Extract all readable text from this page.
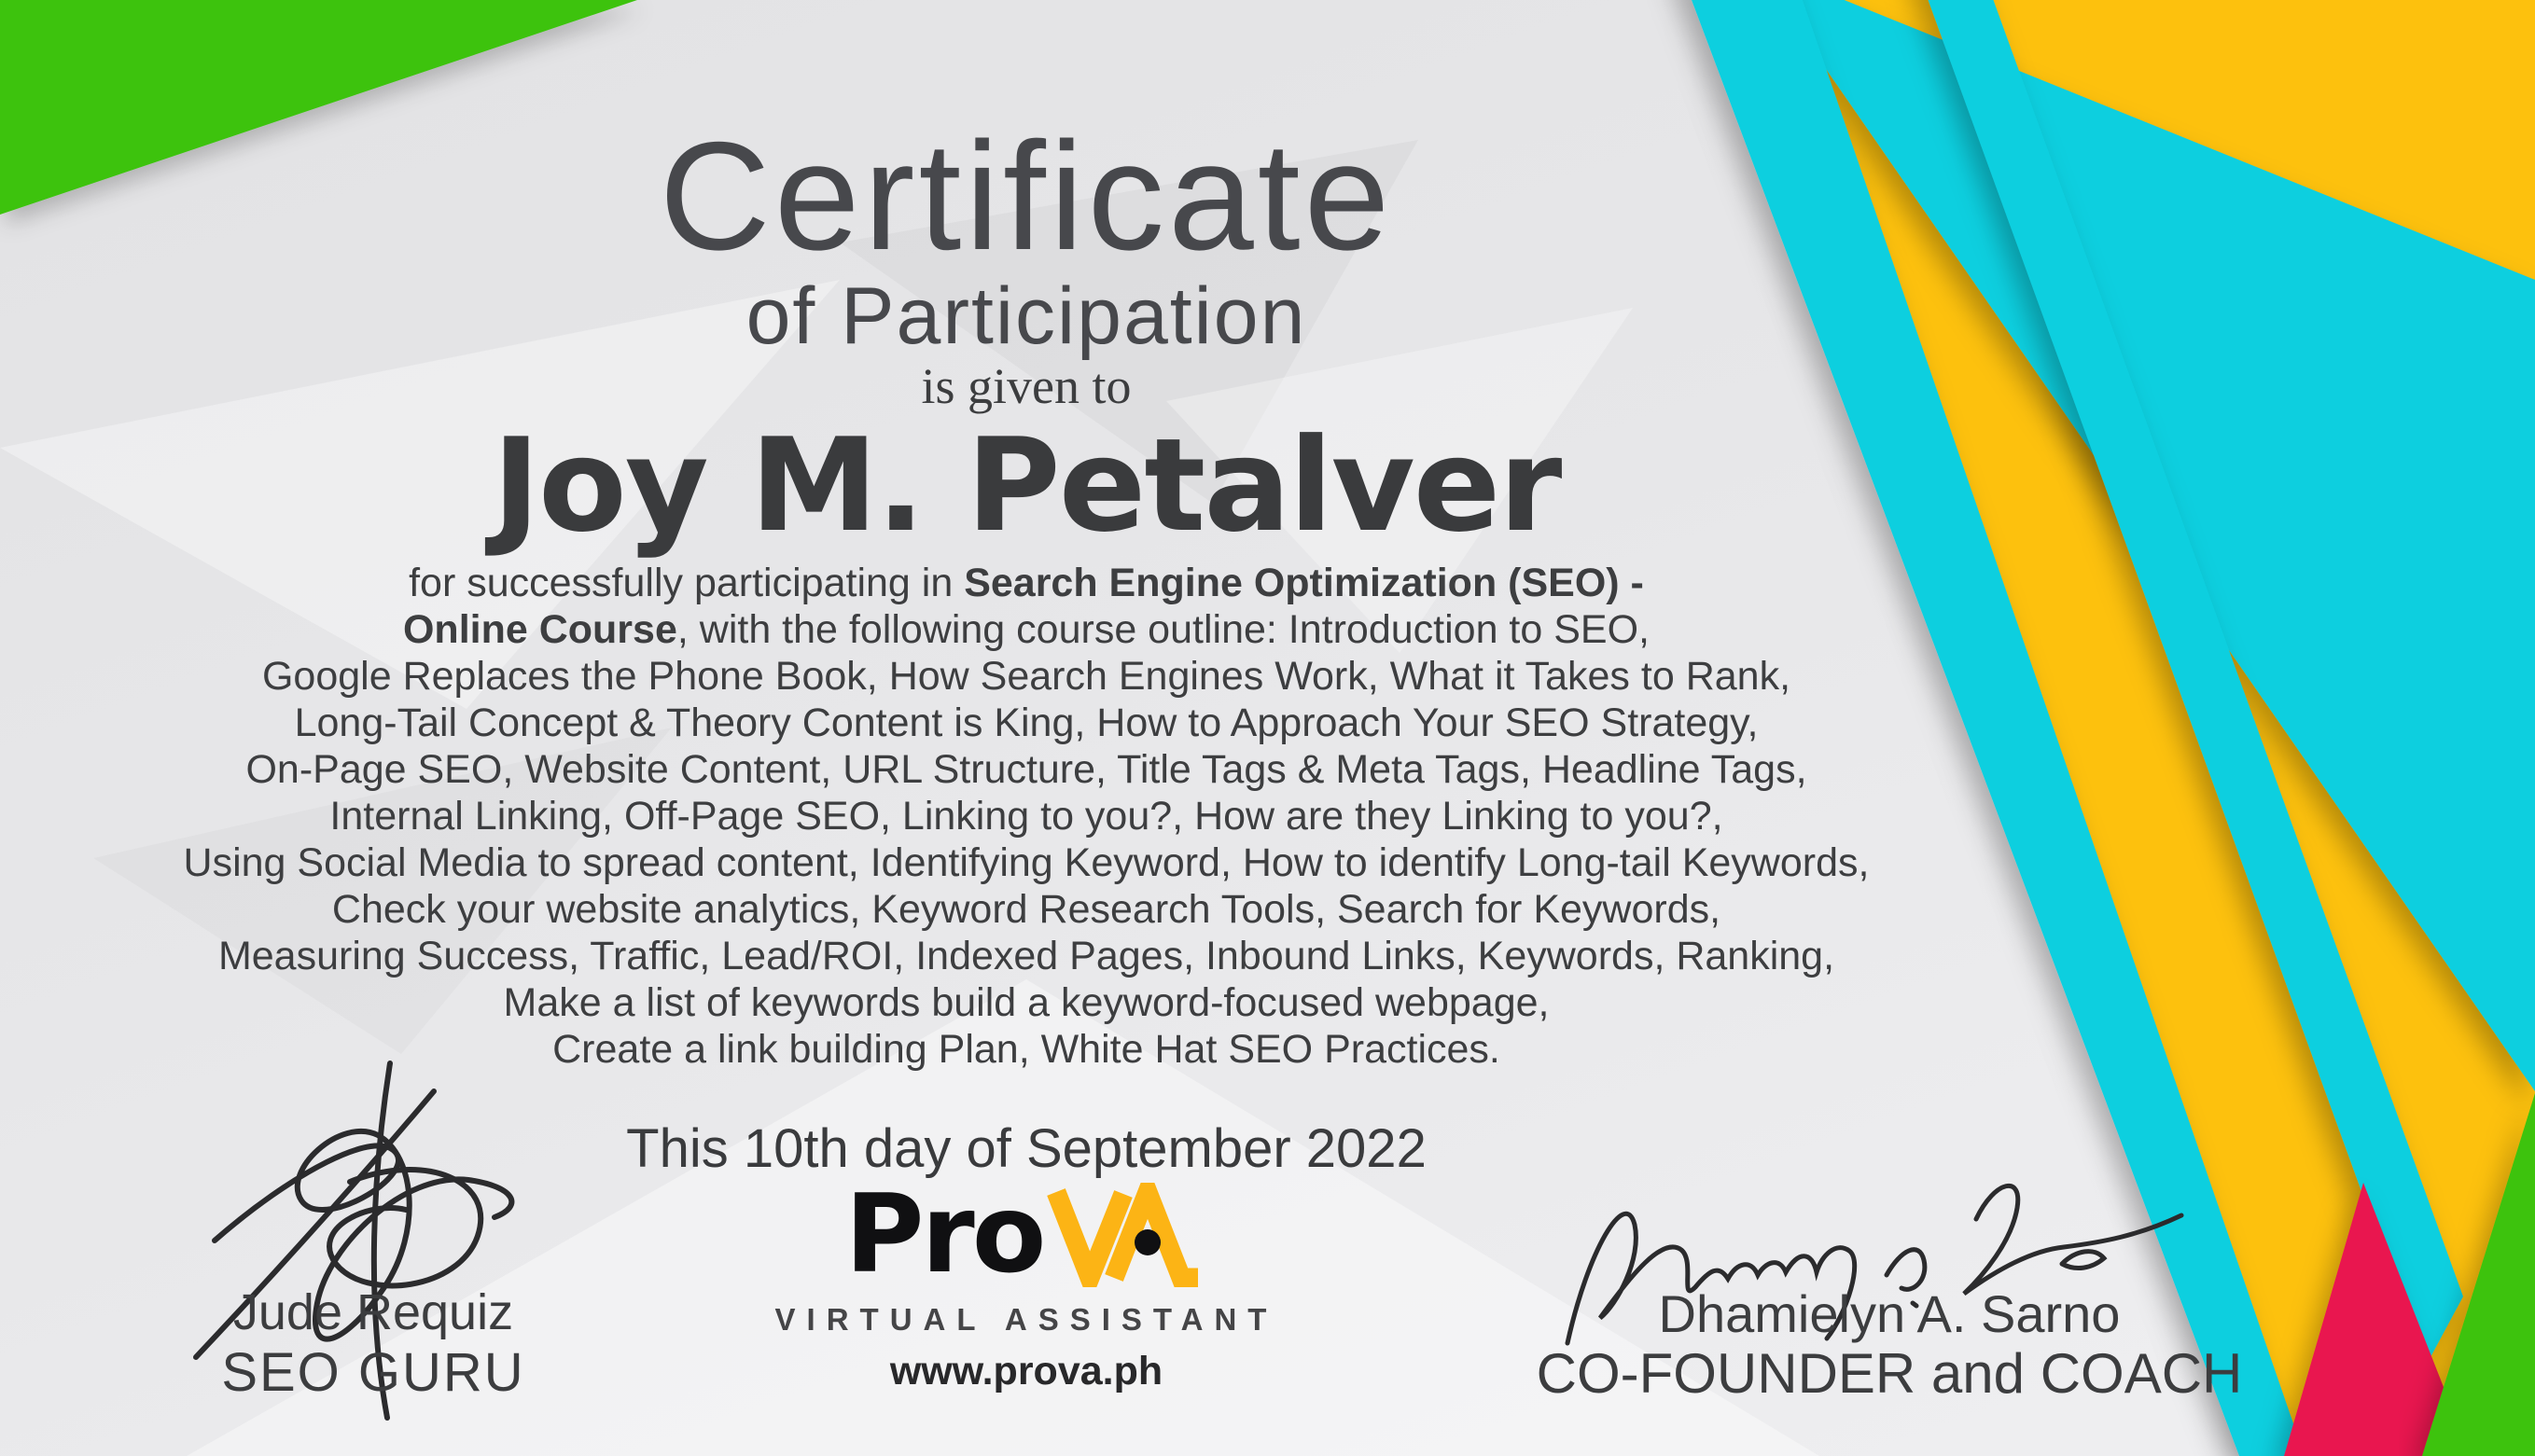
Certificate
of Participation
is given to
Joy M. Petalver
for successfully participating in Search Engine Optimization (SEO) -
Online Course, with the following course outline: Introduction to SEO,
Google Replaces the Phone Book, How Search Engines Work, What it Takes to Rank,
Long-Tail Concept & Theory Content is King, How to Approach Your SEO Strategy,
On-Page SEO, Website Content, URL Structure, Title Tags & Meta Tags, Headline Tags,
Internal Linking, Off-Page SEO, Linking to you?, How are they Linking to you?,
Using Social Media to spread content, Identifying Keyword, How to identify Long-tail Keywords,
Check your website analytics, Keyword Research Tools, Search for Keywords,
Measuring Success, Traffic, Lead/ROI, Indexed Pages, Inbound Links, Keywords, Ranking,
Make a list of keywords build a keyword-focused webpage,
Create a link building Plan, White Hat SEO Practices.
This 10th day of September 2022
Pro
VIRTUAL ASSISTANT
www.prova.ph
Jude Requiz
SEO GURU
Dhamielyn A. Sarno
CO-FOUNDER and COACH
